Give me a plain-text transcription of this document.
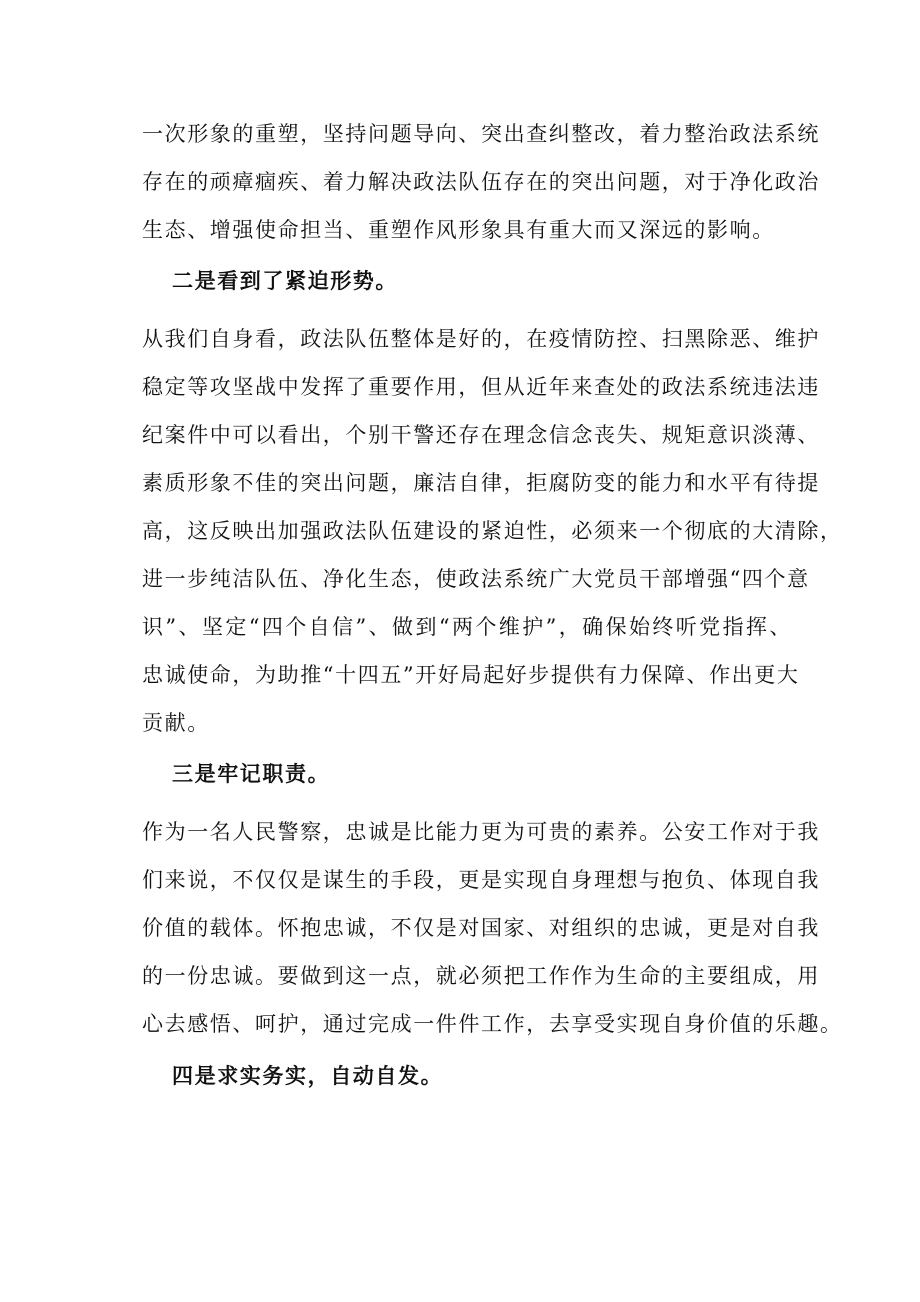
一次形象的重塑，坚持问题导向、突出查纠整改，着力整治政法系统
存在的顽瘴痼疾、着力解决政法队伍存在的突出问题，对于净化政治
生态、增强使命担当、重塑作风形象具有重大而又深远的影响。
二是看到了紧迫形势。
从我们自身看，政法队伍整体是好的，在疫情防控、扫黑除恶、维护
稳定等攻坚战中发挥了重要作用，但从近年来查处的政法系统违法违
纪案件中可以看出，个别干警还存在理念信念丧失、规矩意识淡薄、
素质形象不佳的突出问题，廉洁自律，拒腐防变的能力和水平有待提
高，这反映出加强政法队伍建设的紧迫性，必须来一个彻底的大清除，
进一步纯洁队伍、净化生态，使政法系统广大党员干部增强“四个意
识”、坚定“四个自信”、做到“两个维护”，确保始终听党指挥、
忠诚使命，为助推“十四五”开好局起好步提供有力保障、作出更大
贡献。
三是牢记职责。
作为一名人民警察，忠诚是比能力更为可贵的素养。公安工作对于我
们来说，不仅仅是谋生的手段，更是实现自身理想与抱负、体现自我
价值的载体。怀抱忠诚，不仅是对国家、对组织的忠诚，更是对自我
的一份忠诚。要做到这一点，就必须把工作作为生命的主要组成，用
心去感悟、呵护，通过完成一件件工作，去享受实现自身价值的乐趣。
四是求实务实，自动自发。
